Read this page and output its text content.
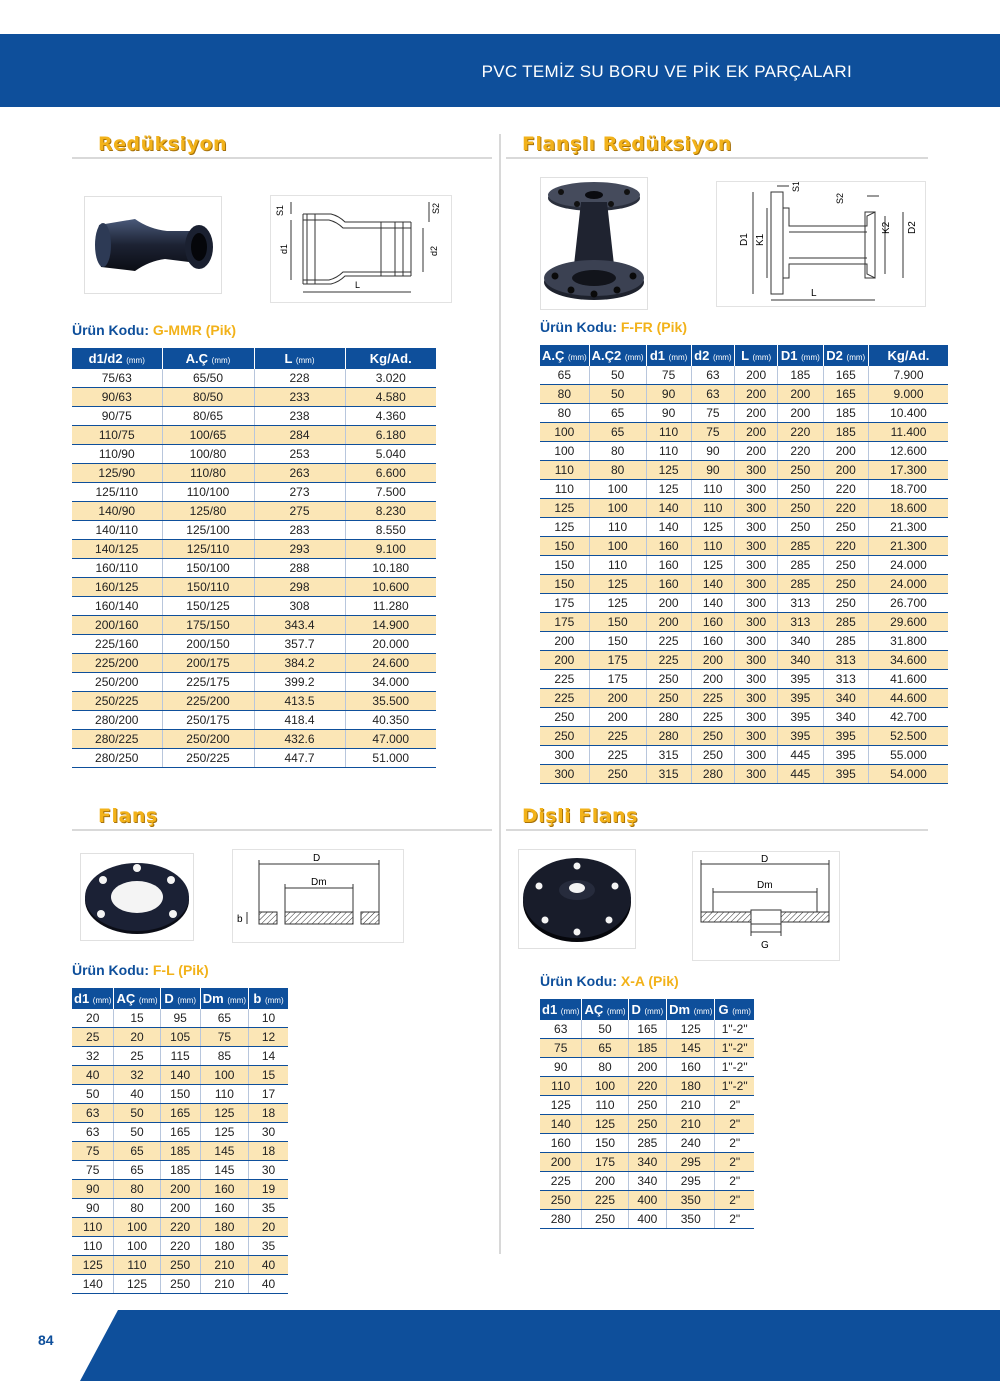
PVC TEMİZ SU BORU VE PİK EK PARÇALARI
Redüksiyon
S1
d1	d2
S2
L
Ürün Kodu: G-MMR (Pik)
d1/d2 (mm)	A.Ç (mm)	L (mm)	Kg/Ad.
75/63	65/50	228	3.020
90/63	80/50	233	4.580
90/75	80/65	238	4.360
110/75	100/65	284	6.180
110/90	100/80	253	5.040
125/90	110/80	263	6.600
125/110	110/100	273	7.500
140/90	125/80	275	8.230
140/110	125/100	283	8.550
140/125	125/110	293	9.100
160/110	150/100	288	10.180
160/125	150/110	298	10.600
160/140	150/125	308	11.280
200/160	175/150	343.4	14.900
225/160	200/150	357.7	20.000
225/200	200/175	384.2	24.600
250/200	225/175	399.2	34.000
250/225	225/200	413.5	35.500
280/200	250/175	418.4	40.350
280/225	250/200	432.6	47.000
280/250	250/225	447.7	51.000
Flanşlı Redüksiyon
D1 K1
K2 D2
S1
S2
L
Ürün Kodu: F-FR (Pik)
A.Ç (mm)	A.Ç2 (mm)	d1 (mm)	d2 (mm)	L (mm)	D1 (mm)	D2 (mm)	Kg/Ad.
65	50	75	63	200	185	165	7.900
80	50	90	63	200	200	165	9.000
80	65	90	75	200	200	185	10.400
100	65	110	75	200	220	185	11.400
100	80	110	90	200	220	200	12.600
110	80	125	90	300	250	200	17.300
110	100	125	110	300	250	220	18.700
125	100	140	110	300	250	220	18.600
125	110	140	125	300	250	250	21.300
150	100	160	110	300	285	220	21.300
150	110	160	125	300	285	250	24.000
150	125	160	140	300	285	250	24.000
175	125	200	140	300	313	250	26.700
175	150	200	160	300	313	285	29.600
200	150	225	160	300	340	285	31.800
200	175	225	200	300	340	313	34.600
225	175	250	200	300	395	313	41.600
225	200	250	225	300	395	340	44.600
250	200	280	225	300	395	340	42.700
250	225	280	250	300	395	395	52.500
300	225	315	250	300	445	395	55.000
300	250	315	280	300	445	395	54.000
Flanş
D
Dm
b
Ürün Kodu: F-L (Pik)
d1 (mm)	AÇ (mm)	D (mm)	Dm (mm)	b (mm)
20	15	95	65	10
25	20	105	75	12
32	25	115	85	14
40	32	140	100	15
50	40	150	110	17
63	50	165	125	18
63	50	165	125	30
75	65	185	145	18
75	65	185	145	30
90	80	200	160	19
90	80	200	160	35
110	100	220	180	20
110	100	220	180	35
125	110	250	210	40
140	125	250	210	40
Dişli Flanş
D
Dm
G
Ürün Kodu: X-A (Pik)
d1 (mm)	AÇ (mm)	D (mm)	Dm (mm)	G (mm)
63	50	165	125	1"-2"
75	65	185	145	1"-2"
90	80	200	160	1"-2"
110	100	220	180	1"-2"
125	110	250	210	2"
140	125	250	210	2"
160	150	285	240	2"
200	175	340	295	2"
225	200	340	295	2"
250	225	400	350	2"
280	250	400	350	2"
84
